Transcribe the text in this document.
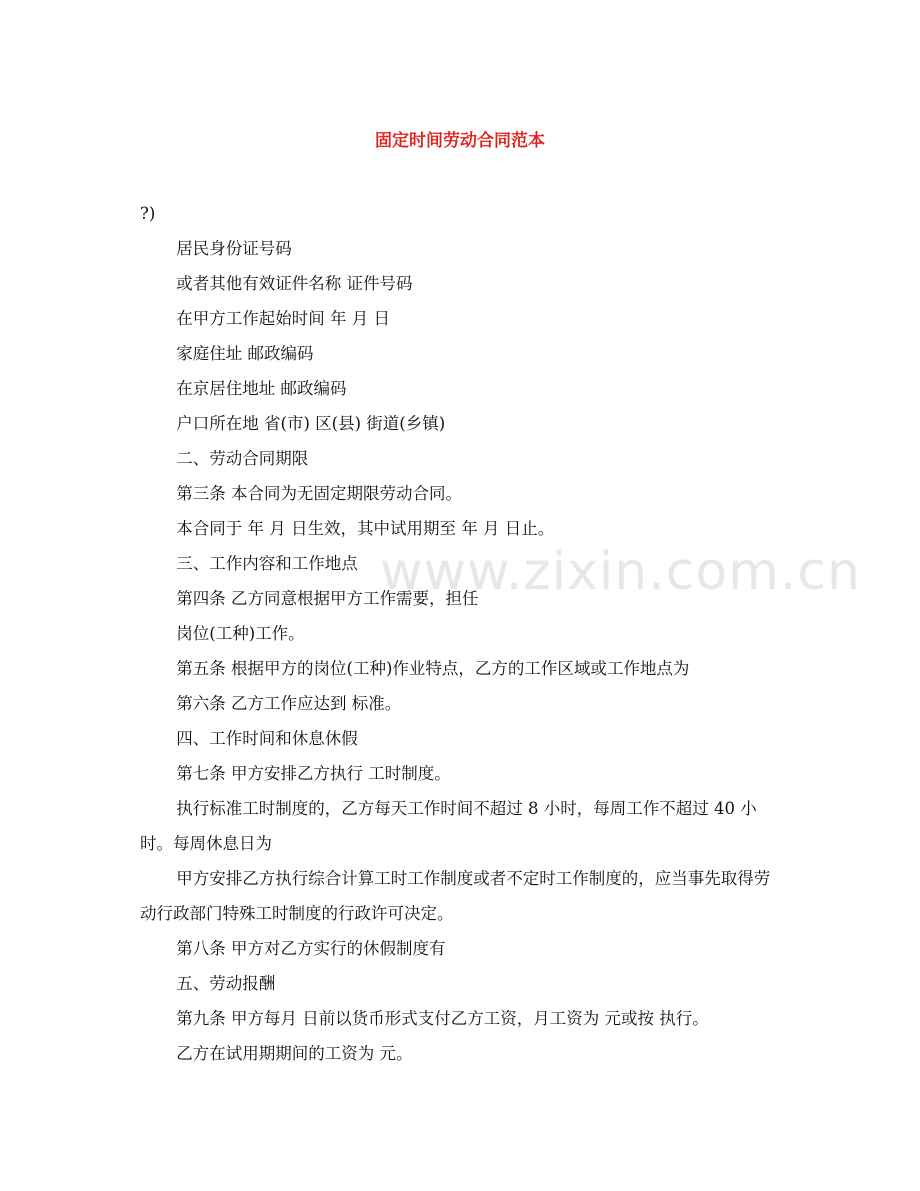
固定时间劳动合同范本
www.zixin.com.cn

?)

居民身份证号码

或者其他有效证件名称 证件号码

在甲方工作起始时间 年 月 日

家庭住址 邮政编码

在京居住地址 邮政编码

户口所在地 省(市) 区(县) 街道(乡镇)

二、劳动合同期限

第三条 本合同为无固定期限劳动合同。

本合同于 年 月 日生效，其中试用期至 年 月 日止。

三、工作内容和工作地点

第四条 乙方同意根据甲方工作需要，担任

岗位(工种)工作。

第五条 根据甲方的岗位(工种)作业特点，乙方的工作区域或工作地点为

第六条 乙方工作应达到 标准。

四、工作时间和休息休假

第七条 甲方安排乙方执行 工时制度。

执行标准工时制度的，乙方每天工作时间不超过 8 小时，每周工作不超过 40 小时。每周休息日为

甲方安排乙方执行综合计算工时工作制度或者不定时工作制度的，应当事先取得劳动行政部门特殊工时制度的行政许可决定。

第八条 甲方对乙方实行的休假制度有

五、劳动报酬

第九条 甲方每月 日前以货币形式支付乙方工资，月工资为 元或按 执行。

乙方在试用期期间的工资为 元。
